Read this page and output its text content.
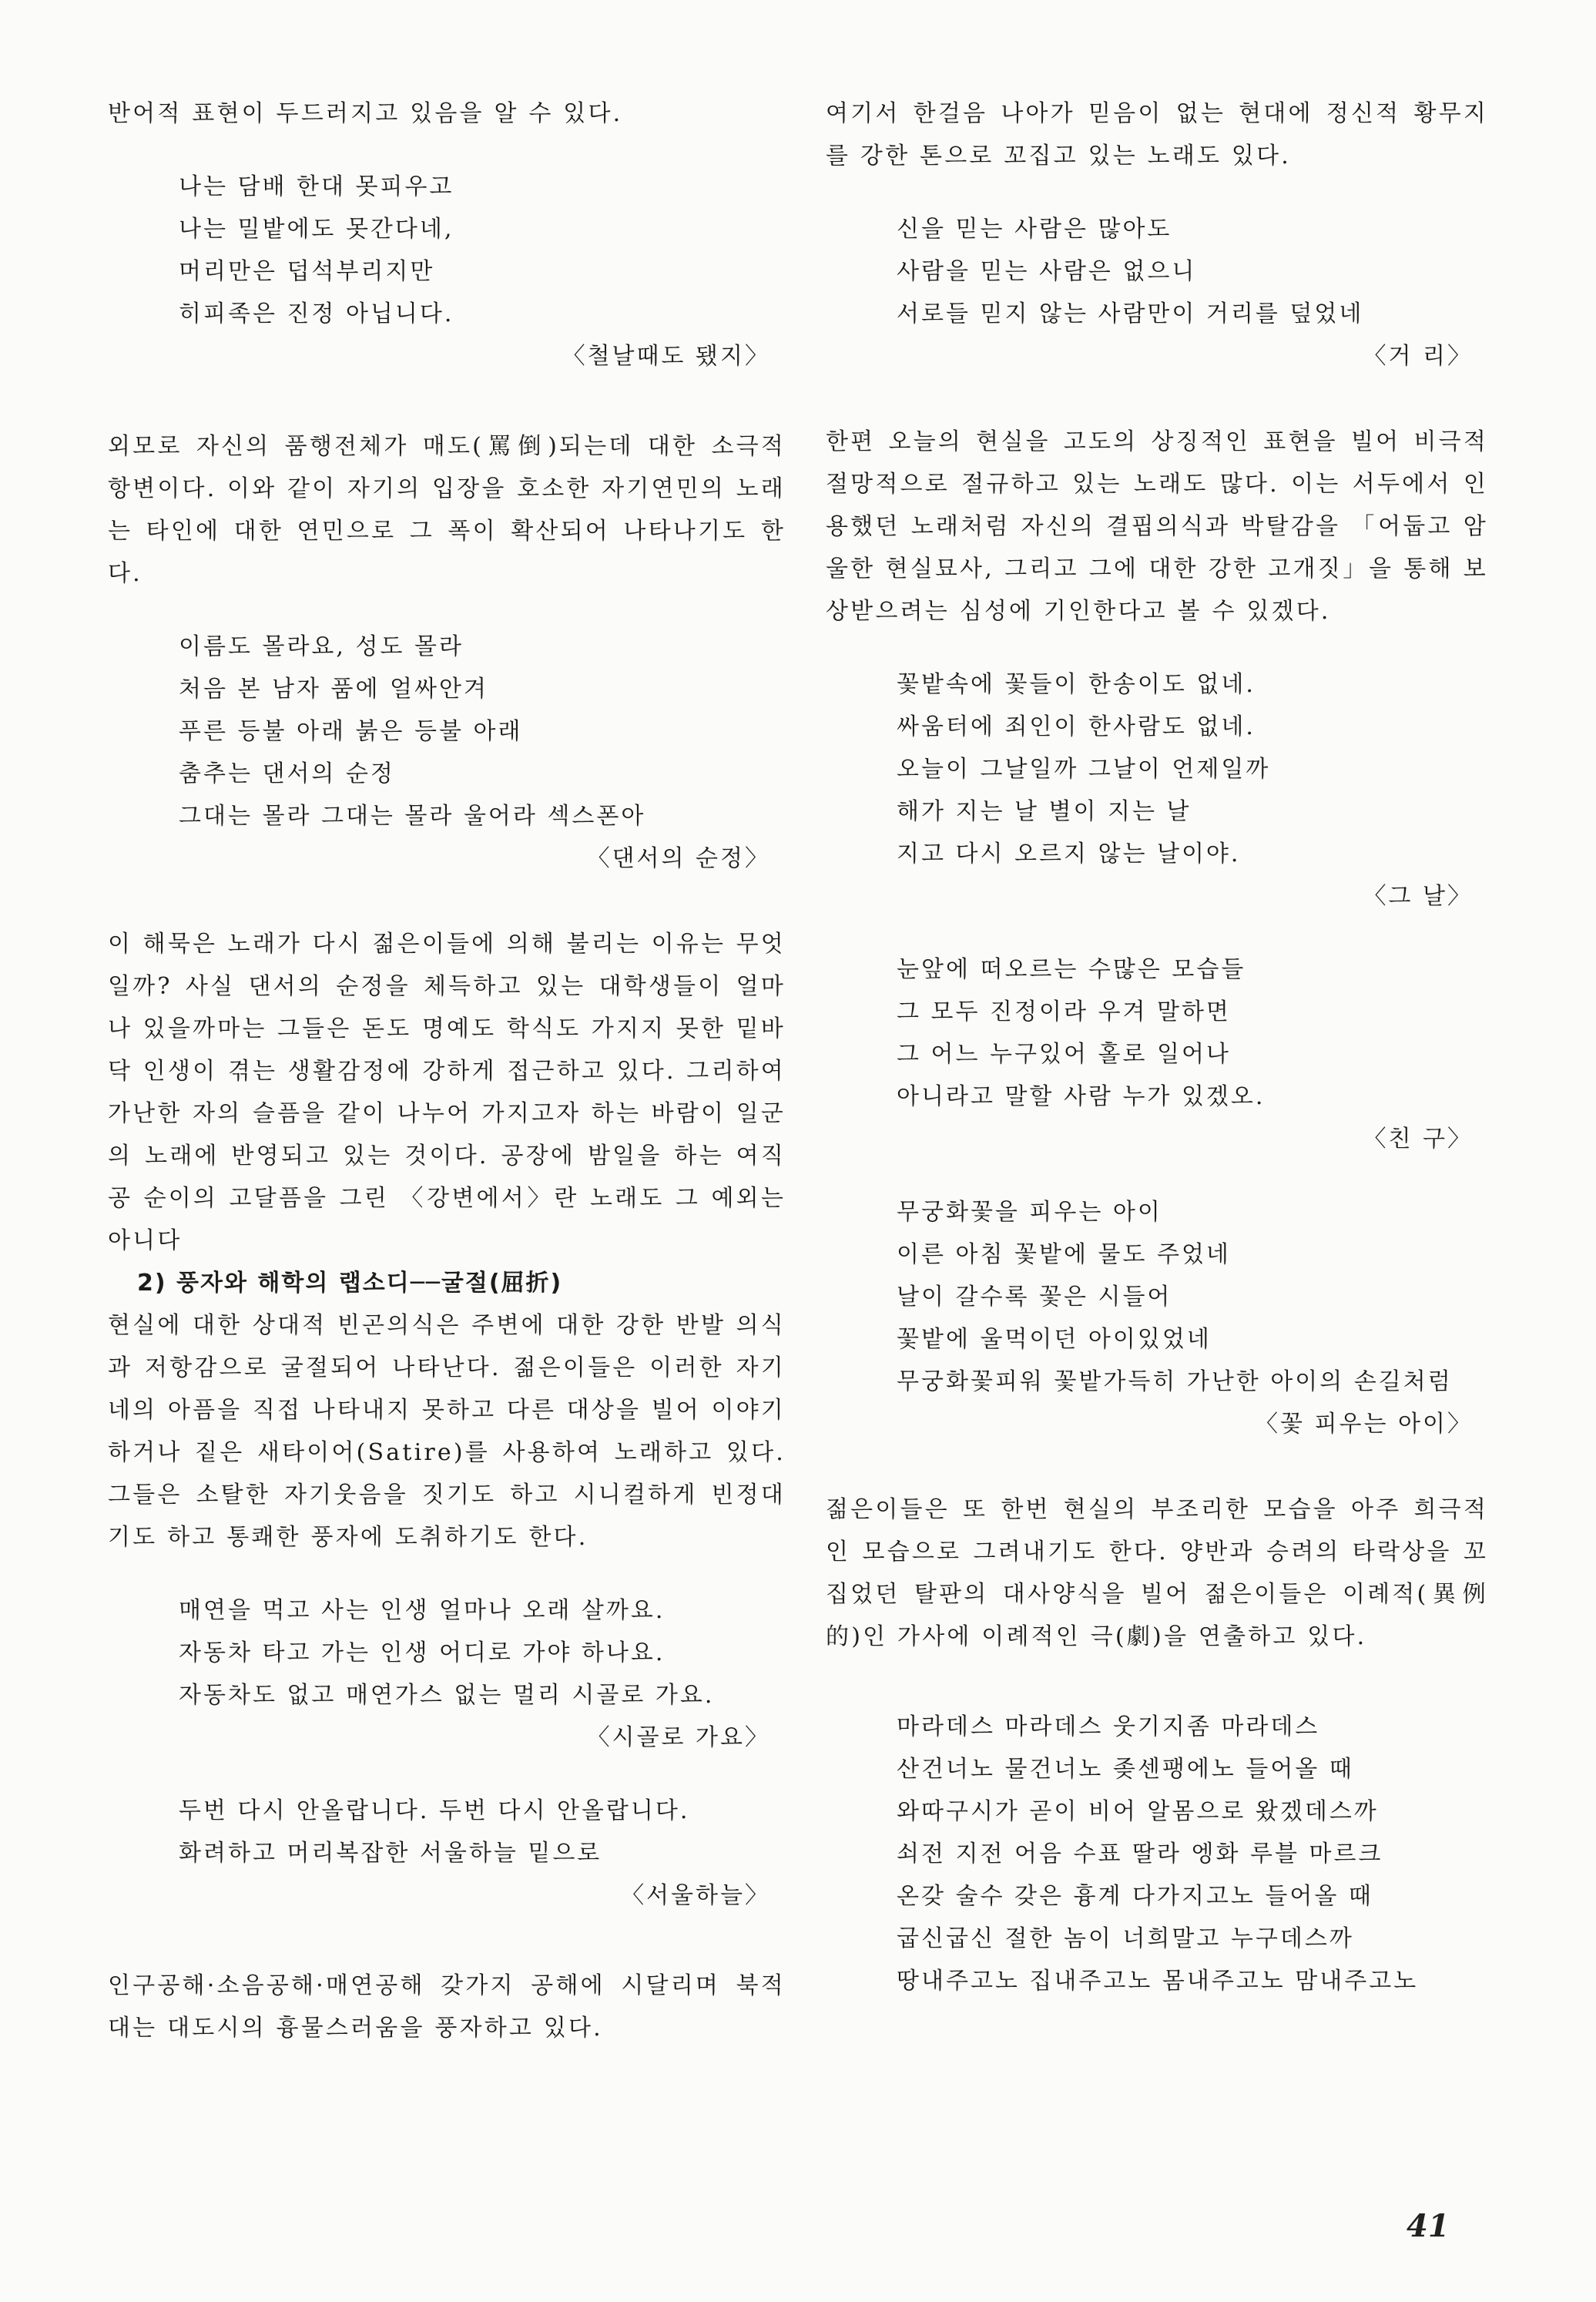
반어적 표현이 두드러지고 있음을 알 수 있다.

나는 담배 한대 못피우고
나는 밀밭에도 못간다네,
머리만은 덥석부리지만
히피족은 진정 아닙니다.
〈철날때도 됐지〉

외모로 자신의 품행전체가 매도(罵倒)되는데 대한 소극적 항변이다. 이와 같이 자기의 입장을 호소한 자기연민의 노래는 타인에 대한 연민으로 그 폭이 확산되어 나타나기도 한다.

이름도 몰라요, 성도 몰라
처음 본 남자 품에 얼싸안겨
푸른 등불 아래 붉은 등불 아래
춤추는 댄서의 순정
그대는 몰라 그대는 몰라 울어라 섹스폰아
〈댄서의 순정〉

이 해묵은 노래가 다시 젊은이들에 의해 불리는 이유는 무엇일까? 사실 댄서의 순정을 체득하고 있는 대학생들이 얼마나 있을까마는 그들은 돈도 명예도 학식도 가지지 못한 밑바닥 인생이 겪는 생활감정에 강하게 접근하고 있다. 그리하여 가난한 자의 슬픔을 같이 나누어 가지고자 하는 바람이 일군의 노래에 반영되고 있는 것이다. 공장에 밤일을 하는 여직공 순이의 고달픔을 그린 〈강변에서〉란 노래도 그 예외는 아니다

2) 풍자와 해학의 랩소디──굴절(屈折)

현실에 대한 상대적 빈곤의식은 주변에 대한 강한 반발 의식과 저항감으로 굴절되어 나타난다. 젊은이들은 이러한 자기네의 아픔을 직접 나타내지 못하고 다른 대상을 빌어 이야기 하거나 짙은 새타이어(Satire)를 사용하여 노래하고 있다. 그들은 소탈한 자기웃음을 짓기도 하고 시니컬하게 빈정대기도 하고 통쾌한 풍자에 도취하기도 한다.

매연을 먹고 사는 인생 얼마나 오래 살까요.
자동차 타고 가는 인생 어디로 가야 하나요.
자동차도 없고 매연가스 없는 멀리 시골로 가요.
〈시골로 가요〉
두번 다시 안올랍니다. 두번 다시 안올랍니다.
화려하고 머리복잡한 서울하늘 밑으로
〈서울하늘〉

인구공해·소음공해·매연공해 갖가지 공해에 시달리며 북적대는 대도시의 흉물스러움을 풍자하고 있다.

여기서 한걸음 나아가 믿음이 없는 현대에 정신적 황무지를 강한 톤으로 꼬집고 있는 노래도 있다.

신을 믿는 사람은 많아도
사람을 믿는 사람은 없으니
서로들 믿지 않는 사람만이 거리를 덮었네
〈거 리〉

한편 오늘의 현실을 고도의 상징적인 표현을 빌어 비극적 절망적으로 절규하고 있는 노래도 많다. 이는 서두에서 인용했던 노래처럼 자신의 결핍의식과 박탈감을 「어둡고 암울한 현실묘사, 그리고 그에 대한 강한 고개짓」을 통해 보상받으려는 심성에 기인한다고 볼 수 있겠다.

꽃밭속에 꽃들이 한송이도 없네.
싸움터에 죄인이 한사람도 없네.
오늘이 그날일까 그날이 언제일까
해가 지는 날 별이 지는 날
지고 다시 오르지 않는 날이야.
〈그 날〉
눈앞에 떠오르는 수많은 모습들
그 모두 진정이라 우겨 말하면
그 어느 누구있어 홀로 일어나
아니라고 말할 사람 누가 있겠오.
〈친 구〉
무궁화꽃을 피우는 아이
이른 아침 꽃밭에 물도 주었네
날이 갈수록 꽃은 시들어
꽃밭에 울먹이던 아이있었네
무궁화꽃피워 꽃밭가득히 가난한 아이의 손길처럼
〈꽃 피우는 아이〉

젊은이들은 또 한번 현실의 부조리한 모습을 아주 희극적인 모습으로 그려내기도 한다. 양반과 승려의 타락상을 꼬집었던 탈판의 대사양식을 빌어 젊은이들은 이례적(異例的)인 가사에 이례적인 극(劇)을 연출하고 있다.

마라데스 마라데스 웃기지좀 마라데스
산건너노 물건너노 좆센팽에노 들어올 때
와따구시가 곧이 비어 알몸으로 왔겠데스까
쇠전 지전 어음 수표 딸라 엥화 루블 마르크
온갖 술수 갖은 흉계 다가지고노 들어올 때
굽신굽신 절한 놈이 너희말고 누구데스까
땅내주고노 집내주고노 몸내주고노 맘내주고노
41
